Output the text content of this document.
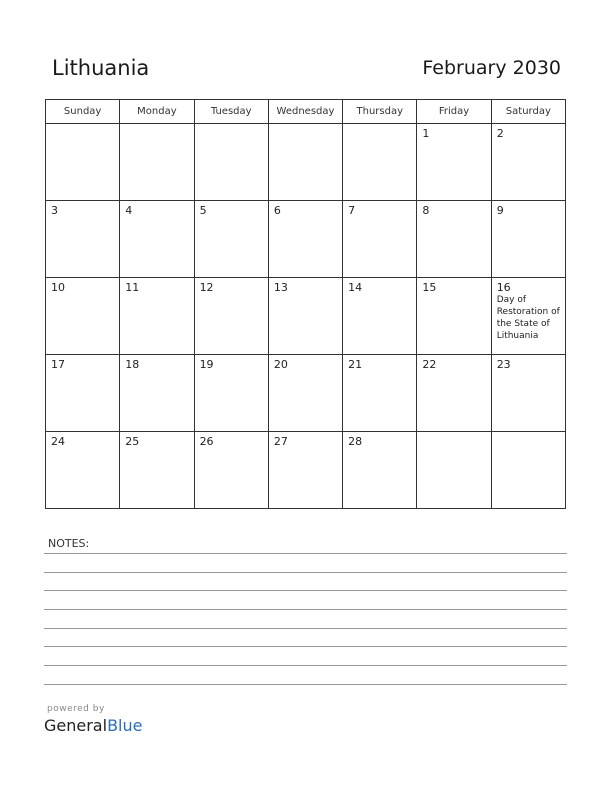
Lithuania	February 2030
Sunday	Monday	Tuesday	Wednesday	Thursday	Friday	Saturday

					1	2

3	4	5	6	7	8	9

10	11	12	13	14	15	16
Day of Restoration of the State of Lithuania

17	18	19	20	21	22	23

24	25	26	27	28		

NOTES:
powered by
GeneralBlue
